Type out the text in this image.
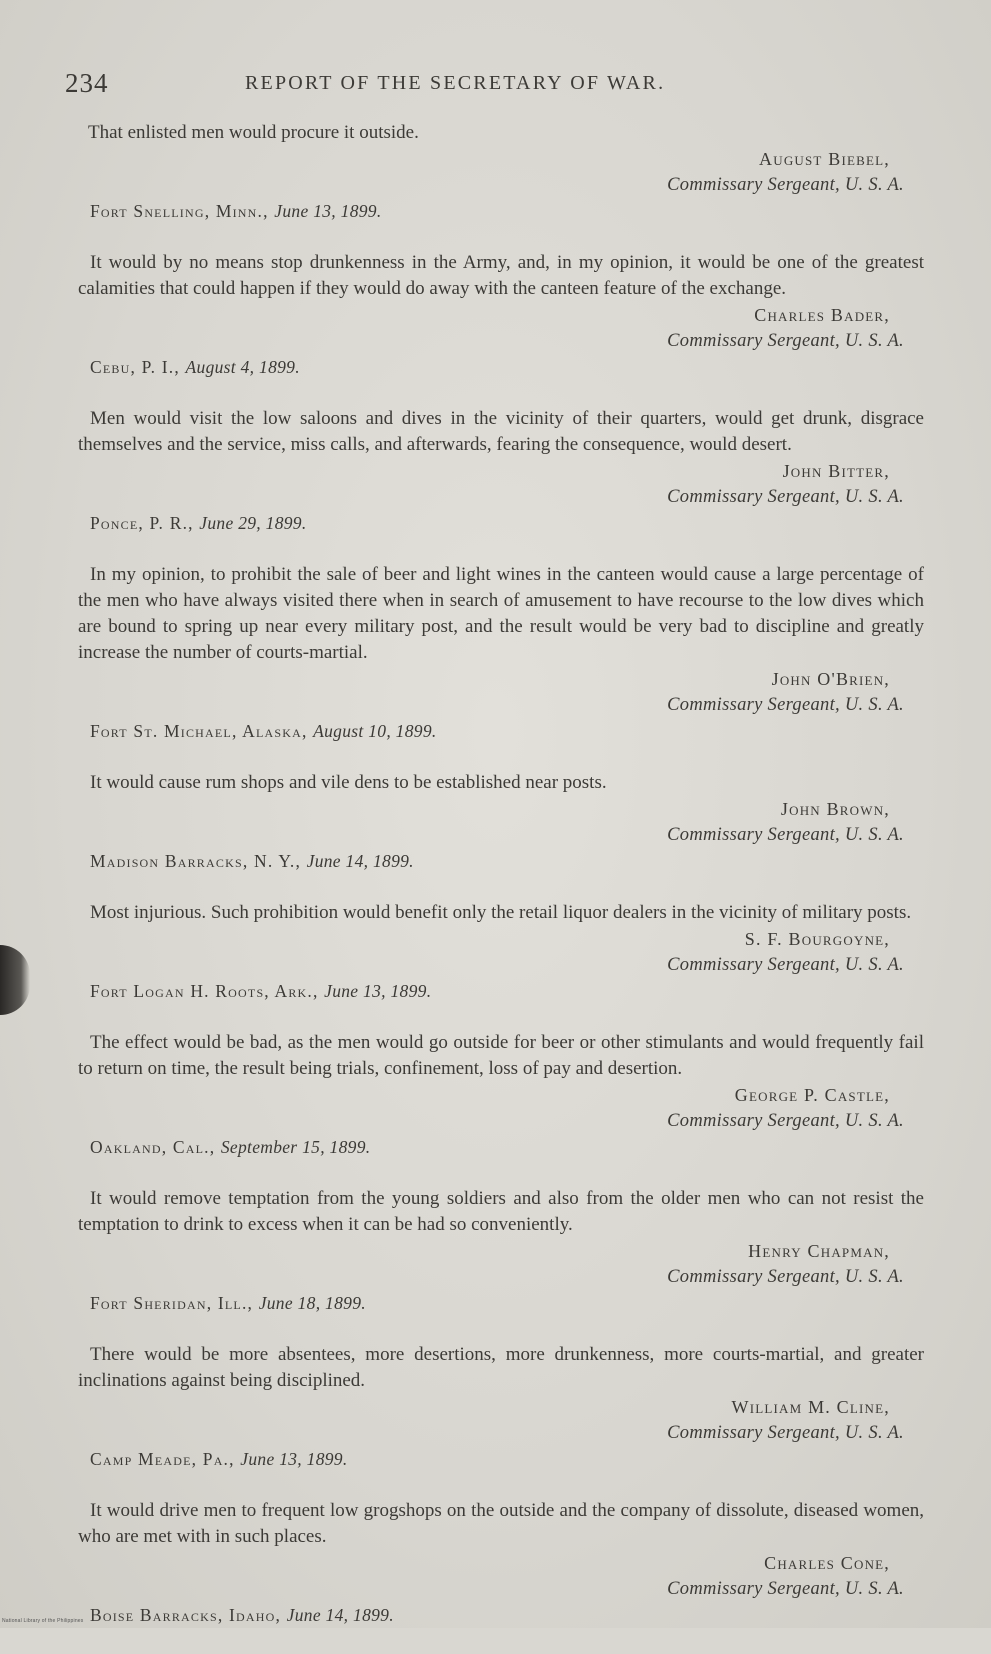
234	REPORT OF THE SECRETARY OF WAR.

That enlisted men would procure it outside.

August Biebel,

Commissary Sergeant, U. S. A.

Fort Snelling, Minn., June 13, 1899.

It would by no means stop drunkenness in the Army, and, in my opinion, it would be one of the greatest calamities that could happen if they would do away with the canteen feature of the exchange.

Charles Bader,

Commissary Sergeant, U. S. A.

Cebu, P. I., August 4, 1899.

Men would visit the low saloons and dives in the vicinity of their quarters, would get drunk, disgrace themselves and the service, miss calls, and afterwards, fearing the consequence, would desert.

John Bitter,

Commissary Sergeant, U. S. A.

Ponce, P. R., June 29, 1899.

In my opinion, to prohibit the sale of beer and light wines in the canteen would cause a large percentage of the men who have always visited there when in search of amusement to have recourse to the low dives which are bound to spring up near every military post, and the result would be very bad to discipline and greatly increase the number of courts-martial.

John O'Brien,

Commissary Sergeant, U. S. A.

Fort St. Michael, Alaska, August 10, 1899.

It would cause rum shops and vile dens to be established near posts.

John Brown,

Commissary Sergeant, U. S. A.

Madison Barracks, N. Y., June 14, 1899.

Most injurious. Such prohibition would benefit only the retail liquor dealers in the vicinity of military posts.

S. F. Bourgoyne,

Commissary Sergeant, U. S. A.

Fort Logan H. Roots, Ark., June 13, 1899.

The effect would be bad, as the men would go outside for beer or other stimulants and would frequently fail to return on time, the result being trials, confinement, loss of pay and desertion.

George P. Castle,

Commissary Sergeant, U. S. A.

Oakland, Cal., September 15, 1899.

It would remove temptation from the young soldiers and also from the older men who can not resist the temptation to drink to excess when it can be had so conveniently.

Henry Chapman,

Commissary Sergeant, U. S. A.

Fort Sheridan, Ill., June 18, 1899.

There would be more absentees, more desertions, more drunkenness, more courts-martial, and greater inclinations against being disciplined.

William M. Cline,

Commissary Sergeant, U. S. A.

Camp Meade, Pa., June 13, 1899.

It would drive men to frequent low grogshops on the outside and the company of dissolute, diseased women, who are met with in such places.

Charles Cone,

Commissary Sergeant, U. S. A.

Boise Barracks, Idaho, June 14, 1899.

National Library of the Philippines
